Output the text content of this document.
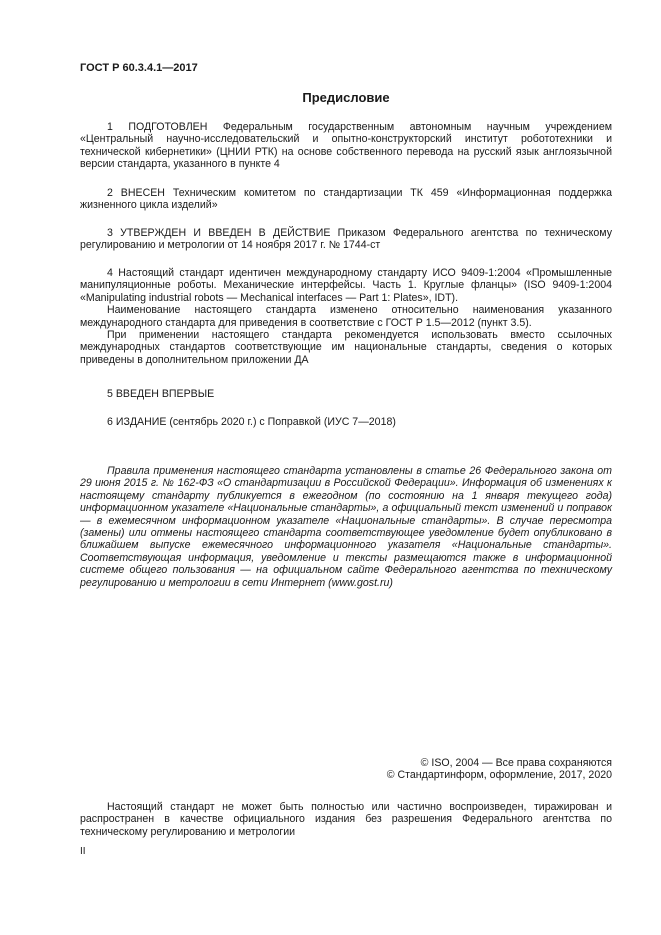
ГОСТ Р 60.3.4.1—2017
Предисловие

1 ПОДГОТОВЛЕН Федеральным государственным автономным научным учреждением «Центральный научно-исследовательский и опытно-конструкторский институт робототехники и технической кибернетики» (ЦНИИ РТК) на основе собственного перевода на русский язык англоязычной версии стандарта, указанного в пункте 4

2 ВНЕСЕН Техническим комитетом по стандартизации ТК 459 «Информационная поддержка жизненного цикла изделий»

3 УТВЕРЖДЕН И ВВЕДЕН В ДЕЙСТВИЕ Приказом Федерального агентства по техническому регулированию и метрологии от 14 ноября 2017 г. № 1744-ст

4 Настоящий стандарт идентичен международному стандарту ИСО 9409-1:2004 «Промышленные манипуляционные роботы. Механические интерфейсы. Часть 1. Круглые фланцы» (ISO 9409-1:2004 «Manipulating industrial robots — Mechanical interfaces — Part 1: Plates», IDT).

Наименование настоящего стандарта изменено относительно наименования указанного международного стандарта для приведения в соответствие с ГОСТ Р 1.5—2012 (пункт 3.5).

При применении настоящего стандарта рекомендуется использовать вместо ссылочных международных стандартов соответствующие им национальные стандарты, сведения о которых приведены в дополнительном приложении ДА

5 ВВЕДЕН ВПЕРВЫЕ

6 ИЗДАНИЕ (сентябрь 2020 г.) с Поправкой (ИУС 7—2018)

Правила применения настоящего стандарта установлены в статье 26 Федерального закона от 29 июня 2015 г. № 162-ФЗ «О стандартизации в Российской Федерации». Информация об изменениях к настоящему стандарту публикуется в ежегодном (по состоянию на 1 января текущего года) информационном указателе «Национальные стандарты», а официальный текст изменений и поправок — в ежемесячном информационном указателе «Национальные стандарты». В случае пересмотра (замены) или отмены настоящего стандарта соответствующее уведомление будет опубликовано в ближайшем выпуске ежемесячного информационного указателя «Национальные стандарты». Соответствующая информация, уведомление и тексты размещаются также в информационной системе общего пользования — на официальном сайте Федерального агентства по техническому регулированию и метрологии в сети Интернет (www.gost.ru)

© ISO, 2004 — Все права сохраняются

© Стандартинформ, оформление, 2017, 2020

Настоящий стандарт не может быть полностью или частично воспроизведен, тиражирован и распространен в качестве официального издания без разрешения Федерального агентства по техническому регулированию и метрологии

II
